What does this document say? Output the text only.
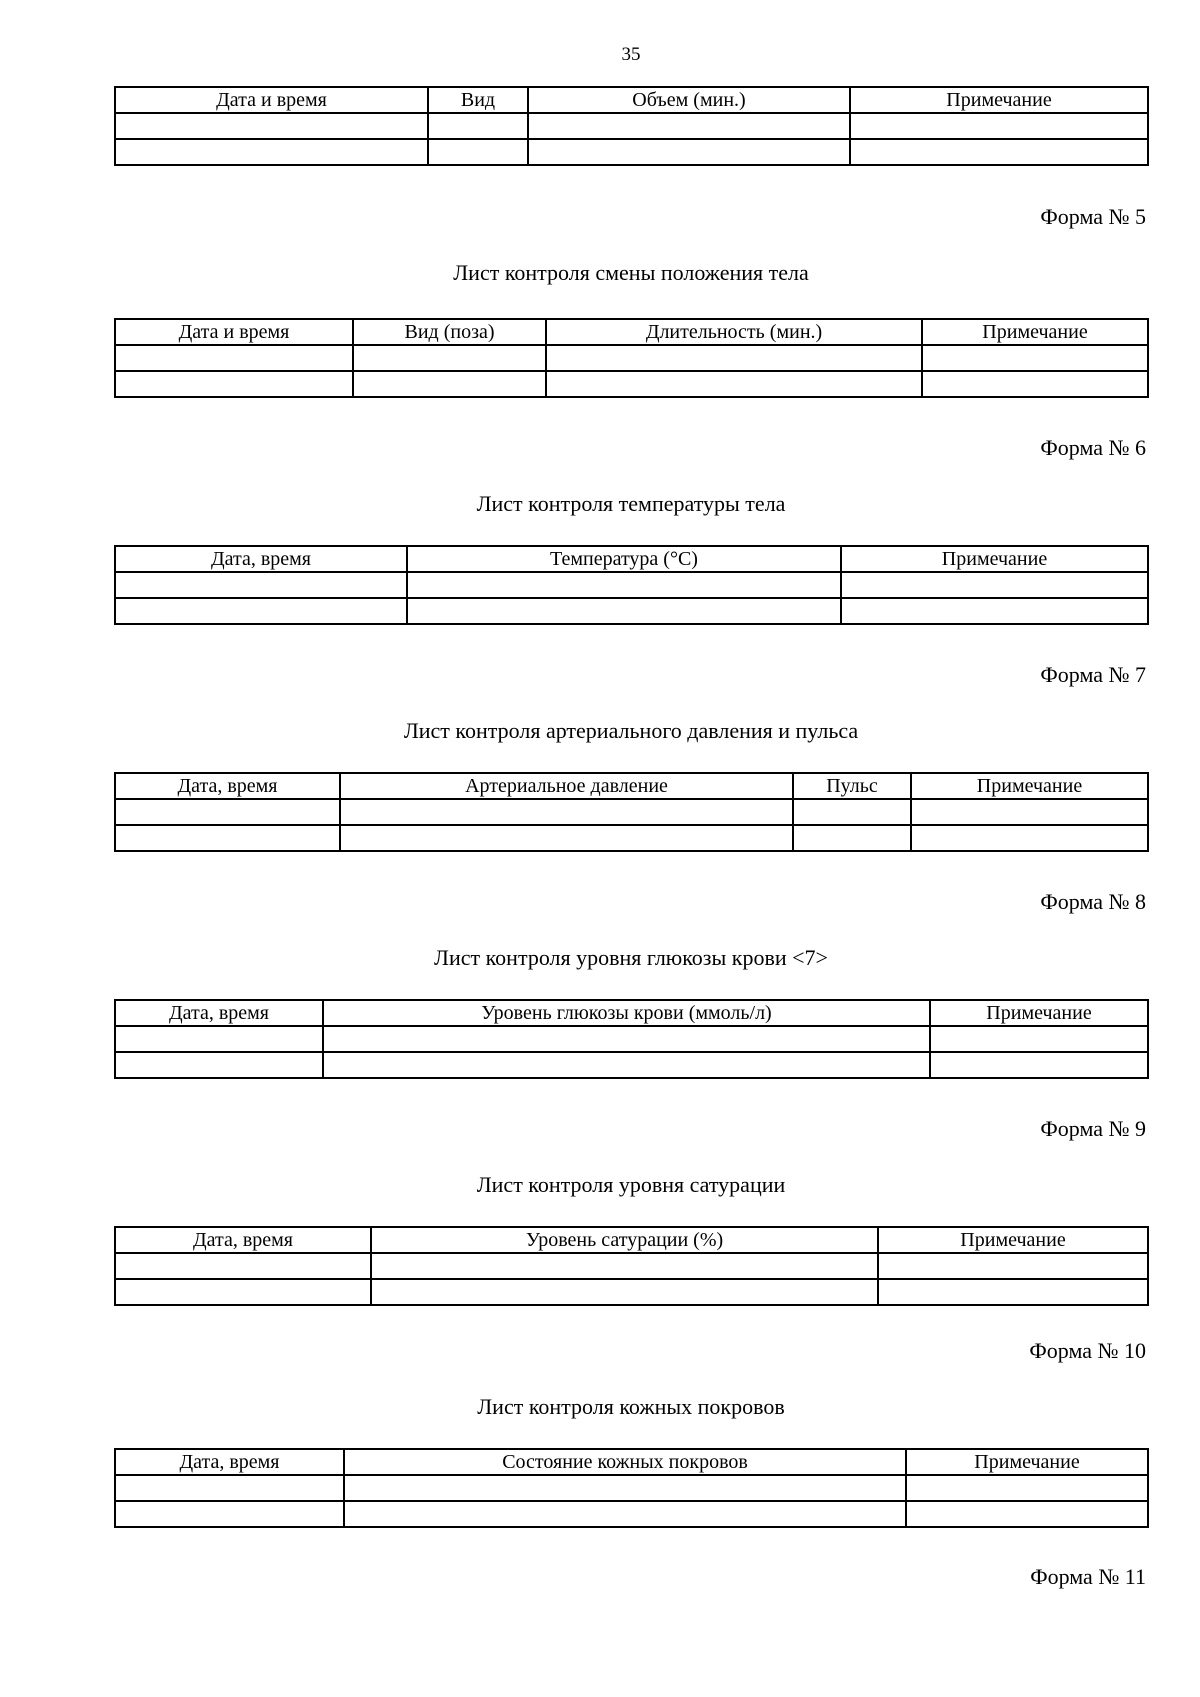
35
Дата и время	Вид	Объем (мин.)	Примечание

Форма № 5
Лист контроля смены положения тела
Дата и время	Вид (поза)	Длительность (мин.)	Примечание

Форма № 6
Лист контроля температуры тела
Дата, время	Температура (°C)	Примечание

Форма № 7
Лист контроля артериального давления и пульса
Дата, время	Артериальное давление	Пульс	Примечание

Форма № 8
Лист контроля уровня глюкозы крови <7>
Дата, время	Уровень глюкозы крови (ммоль/л)	Примечание

Форма № 9
Лист контроля уровня сатурации
Дата, время	Уровень сатурации (%)	Примечание

Форма № 10
Лист контроля кожных покровов
Дата, время	Состояние кожных покровов	Примечание

Форма № 11
